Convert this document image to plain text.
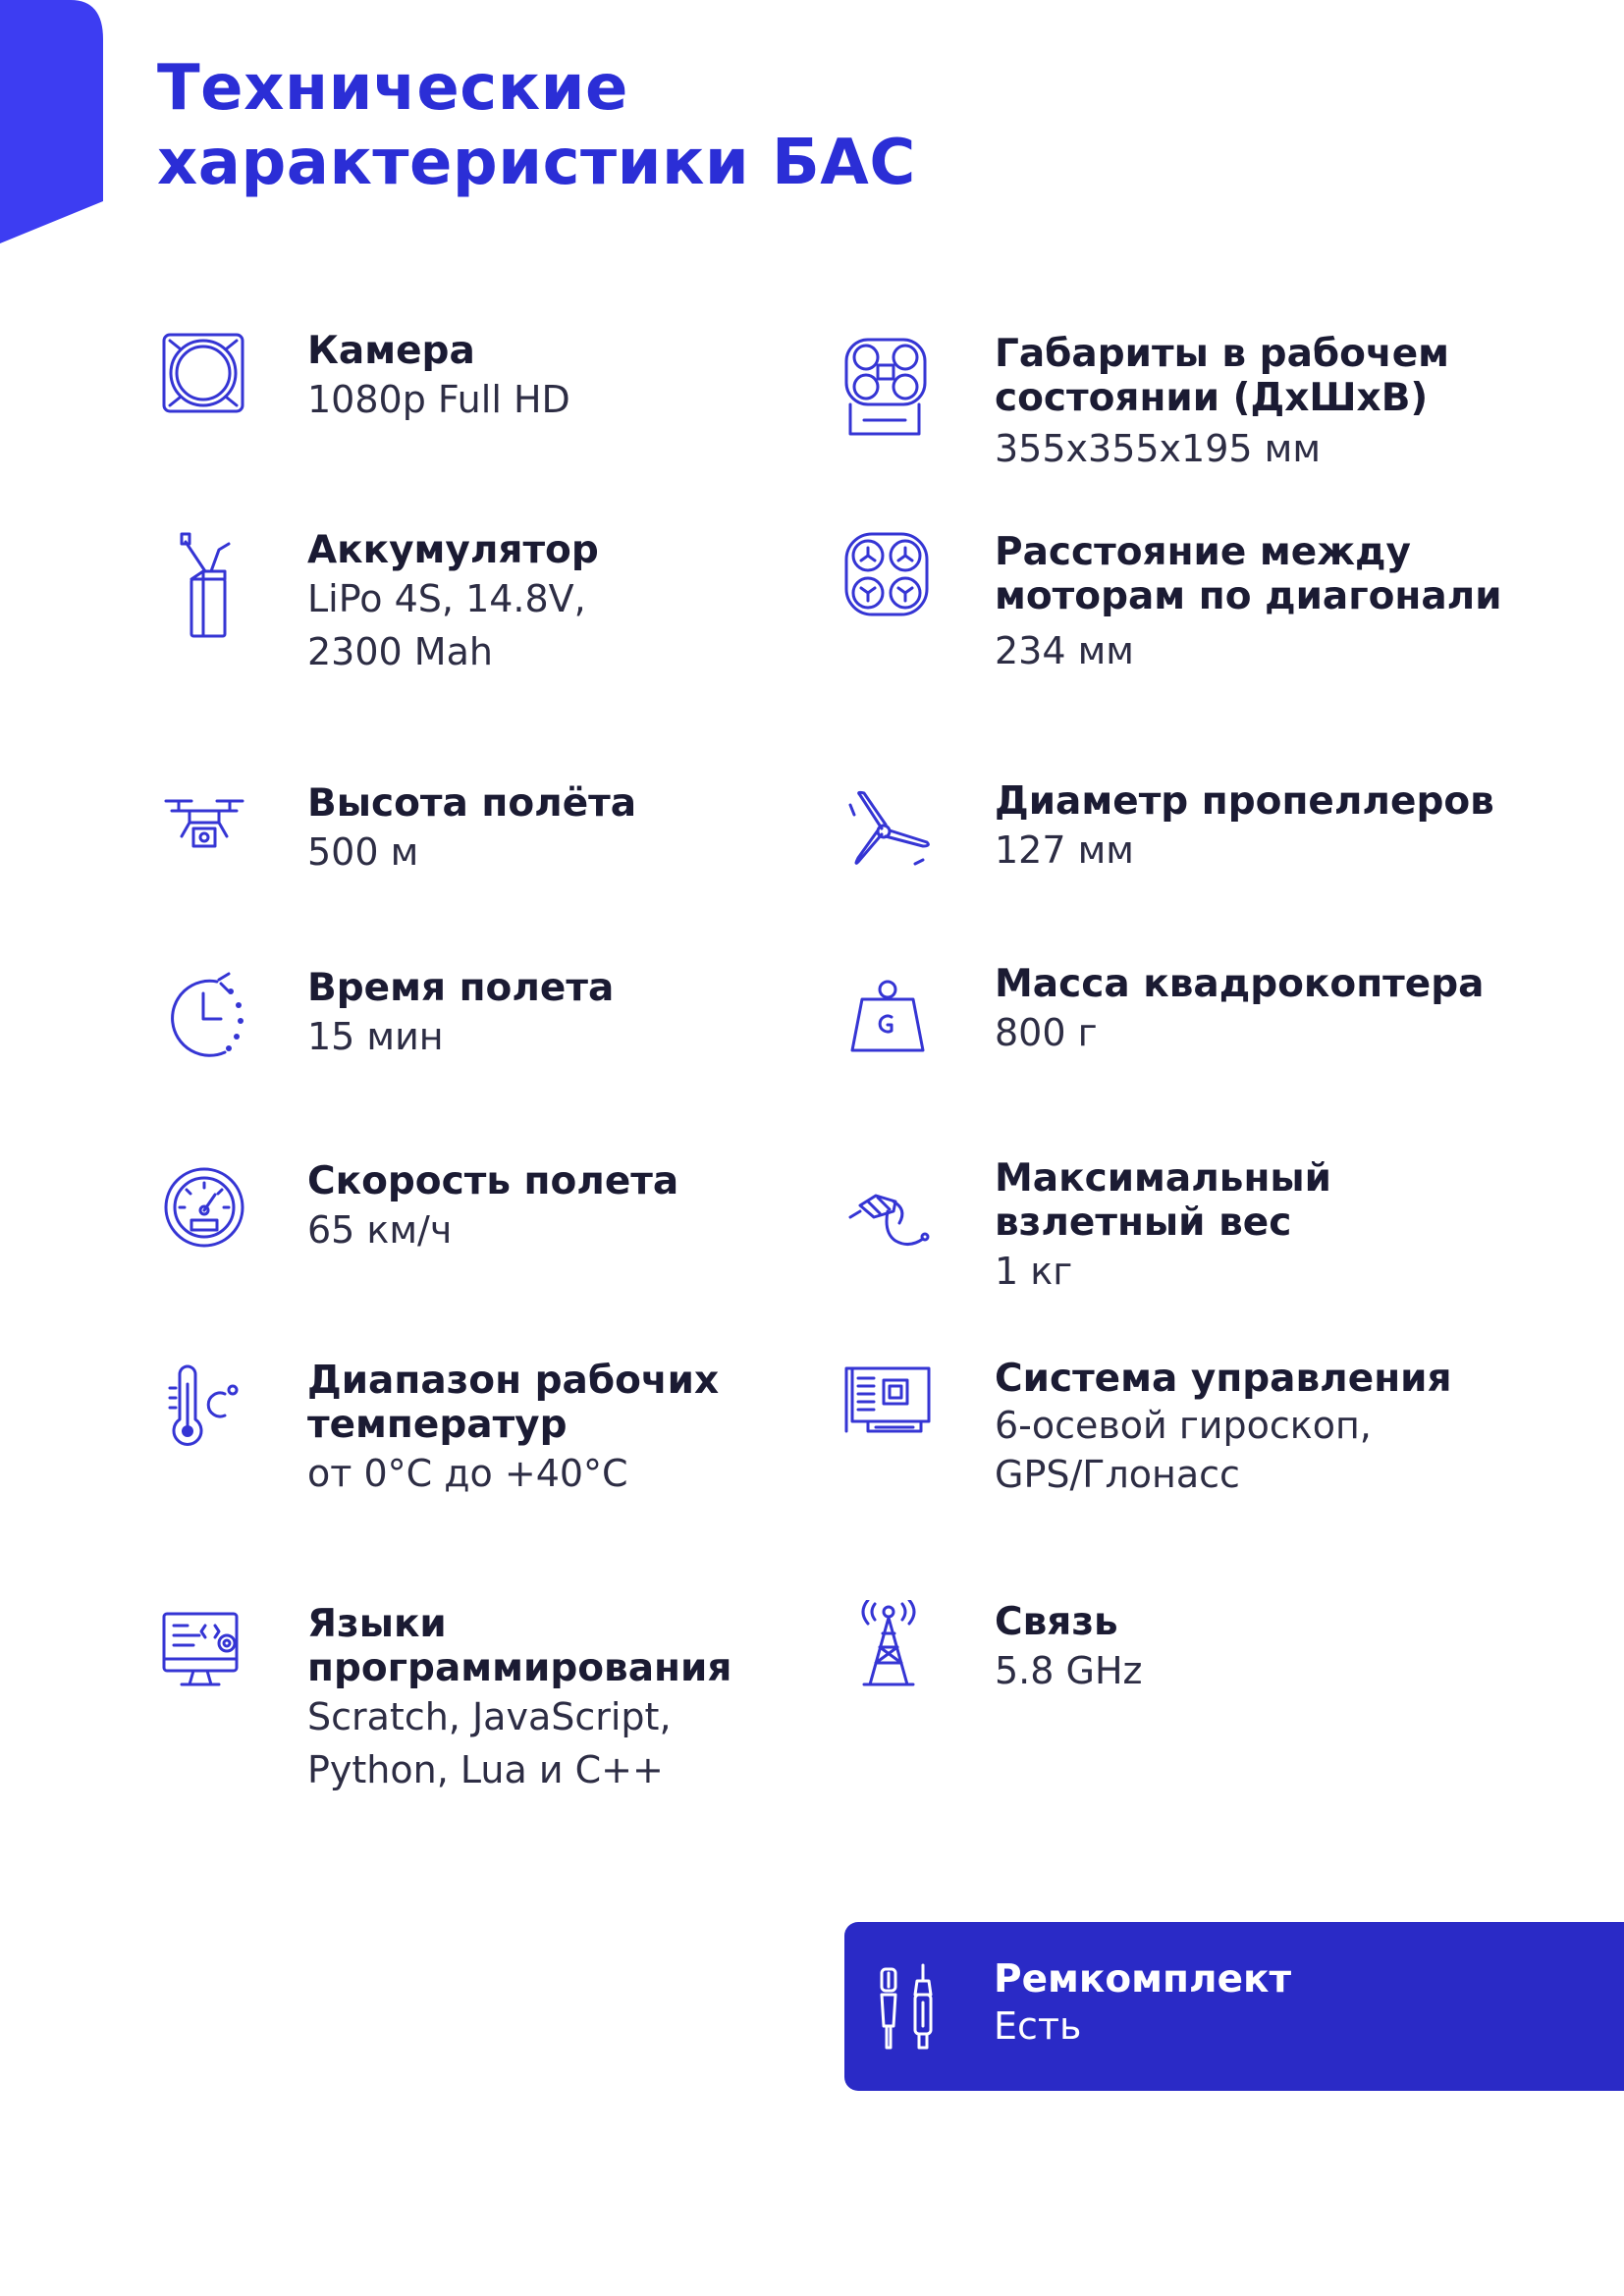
Технические
характеристики БАС
Камера
1080p Full HD
Аккумулятор
LiPo 4S, 14.8V,
2300 Mah
Высота полёта
500 м
Время полета
15 мин
Скорость полета
65 км/ч
Диапазон рабочих
температур
от 0°C до +40°C
Языки
программирования
Scratch, JavaScript,
Python, Lua и С++
Габариты в рабочем
состоянии (ДхШхВ)
355х355х195 мм
Расстояние между
моторам по диагонали
234 мм
Диаметр пропеллеров
127 мм
Масса квадрокоптера
800 г
Максимальный
взлетный вес
1 кг
Система управления
6-осевой гироскоп,
GPS/Глонасс
Связь
5.8 GHz
Ремкомплект
Есть
